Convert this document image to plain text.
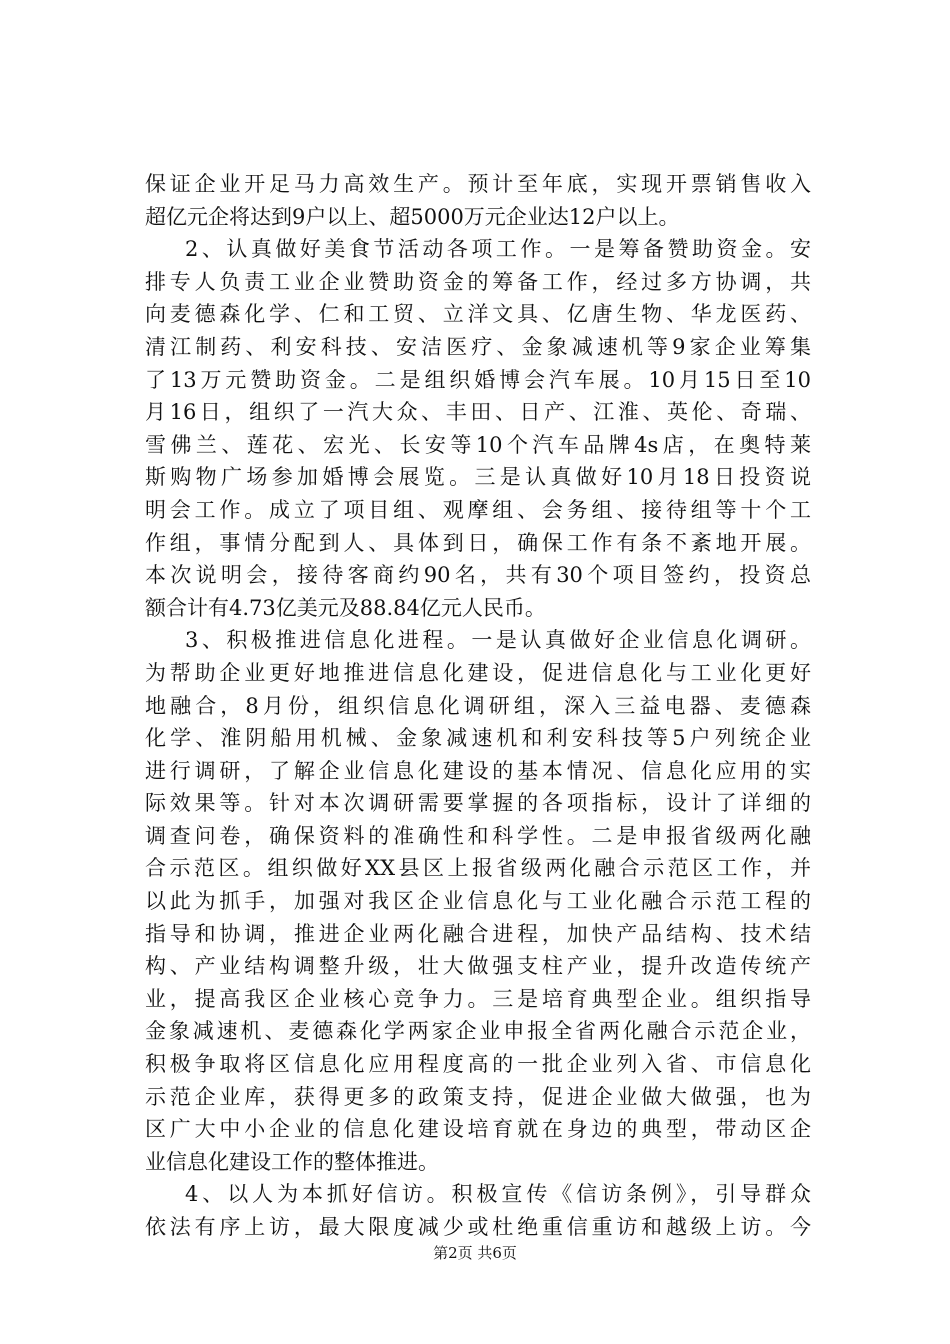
保证企业开足马力高效生产。预计至年底，实现开票销售收入
超亿元企将达到9户以上、超5000万元企业达12户以上。
2、认真做好美食节活动各项工作。一是筹备赞助资金。安
排专人负责工业企业赞助资金的筹备工作，经过多方协调，共
向麦德森化学、仁和工贸、立洋文具、亿唐生物、华龙医药、
清江制药、利安科技、安洁医疗、金象减速机等9家企业筹集
了13万元赞助资金。二是组织婚博会汽车展。10月15日至10
月16日，组织了一汽大众、丰田、日产、江淮、英伦、奇瑞、
雪佛兰、莲花、宏光、长安等10个汽车品牌4s店，在奥特莱
斯购物广场参加婚博会展览。三是认真做好10月18日投资说
明会工作。成立了项目组、观摩组、会务组、接待组等十个工
作组，事情分配到人、具体到日，确保工作有条不紊地开展。
本次说明会，接待客商约90名，共有30个项目签约，投资总
额合计有4.73亿美元及88.84亿元人民币。
3、积极推进信息化进程。一是认真做好企业信息化调研。
为帮助企业更好地推进信息化建设，促进信息化与工业化更好
地融合，8月份，组织信息化调研组，深入三益电器、麦德森
化学、淮阴船用机械、金象减速机和利安科技等5户列统企业
进行调研，了解企业信息化建设的基本情况、信息化应用的实
际效果等。针对本次调研需要掌握的各项指标，设计了详细的
调查问卷，确保资料的准确性和科学性。二是申报省级两化融
合示范区。组织做好XX县区上报省级两化融合示范区工作，并
以此为抓手，加强对我区企业信息化与工业化融合示范工程的
指导和协调，推进企业两化融合进程，加快产品结构、技术结
构、产业结构调整升级，壮大做强支柱产业，提升改造传统产
业，提高我区企业核心竞争力。三是培育典型企业。组织指导
金象减速机、麦德森化学两家企业申报全省两化融合示范企业，
积极争取将区信息化应用程度高的一批企业列入省、市信息化
示范企业库，获得更多的政策支持，促进企业做大做强，也为
区广大中小企业的信息化建设培育就在身边的典型，带动区企
业信息化建设工作的整体推进。
4、以人为本抓好信访。积极宣传《信访条例》，引导群众
依法有序上访，最大限度减少或杜绝重信重访和越级上访。今
第2页 共6页
